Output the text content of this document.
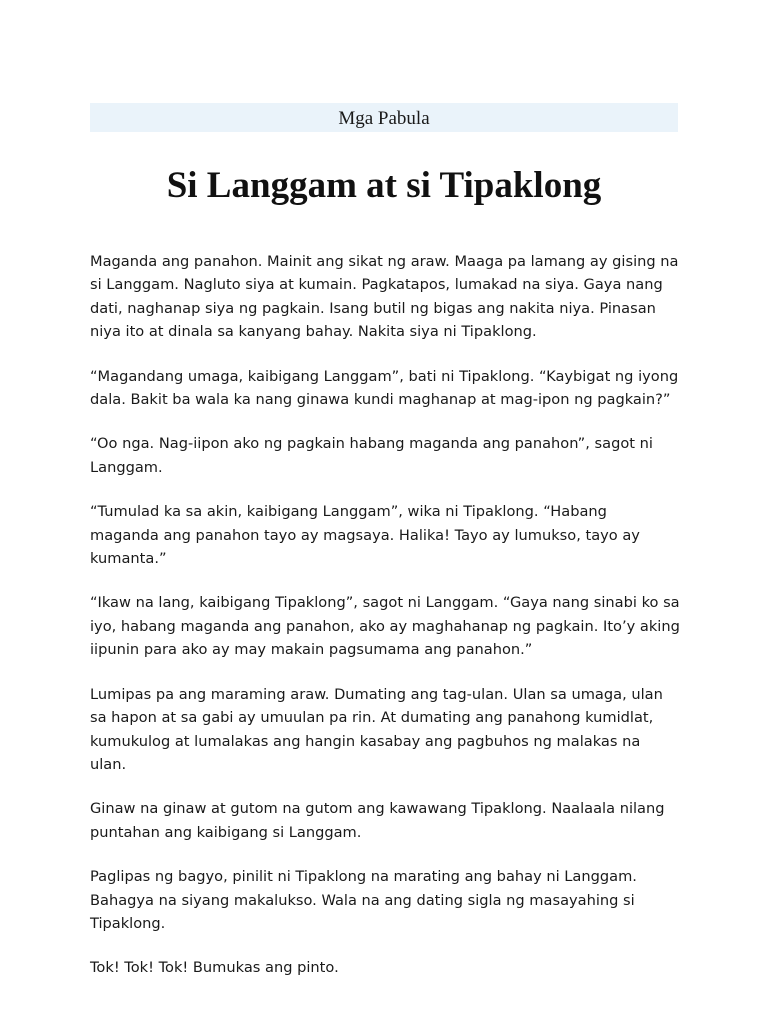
Mga Pabula
Si Langgam at si Tipaklong

Maganda ang panahon. Mainit ang sikat ng araw. Maaga pa lamang ay gising na si Langgam. Nagluto siya at kumain. Pagkatapos, lumakad na siya. Gaya nang dati, naghanap siya ng pagkain. Isang butil ng bigas ang nakita niya. Pinasan niya ito at dinala sa kanyang bahay. Nakita siya ni Tipaklong.

“Magandang umaga, kaibigang Langgam”, bati ni Tipaklong. “Kaybigat ng iyong dala. Bakit ba wala ka nang ginawa kundi maghanap at mag-ipon ng pagkain?”

“Oo nga. Nag-iipon ako ng pagkain habang maganda ang panahon”, sagot ni Langgam.

“Tumulad ka sa akin, kaibigang Langgam”, wika ni Tipaklong. “Habang maganda ang panahon tayo ay magsaya. Halika! Tayo ay lumukso, tayo ay kumanta.”

“Ikaw na lang, kaibigang Tipaklong”, sagot ni Langgam. “Gaya nang sinabi ko sa iyo, habang maganda ang panahon, ako ay maghahanap ng pagkain. Ito’y aking iipunin para ako ay may makain pagsumama ang panahon.”

Lumipas pa ang maraming araw. Dumating ang tag-ulan. Ulan sa umaga, ulan sa hapon at sa gabi ay umuulan pa rin. At dumating ang panahong kumidlat, kumukulog at lumalakas ang hangin kasabay ang pagbuhos ng malakas na ulan.

Ginaw na ginaw at gutom na gutom ang kawawang Tipaklong. Naalaala nilang puntahan ang kaibigang si Langgam.

Paglipas ng bagyo, pinilit ni Tipaklong na marating ang bahay ni Langgam. Bahagya na siyang makalukso. Wala na ang dating sigla ng masayahing si Tipaklong.

Tok! Tok! Tok! Bumukas ang pinto.
